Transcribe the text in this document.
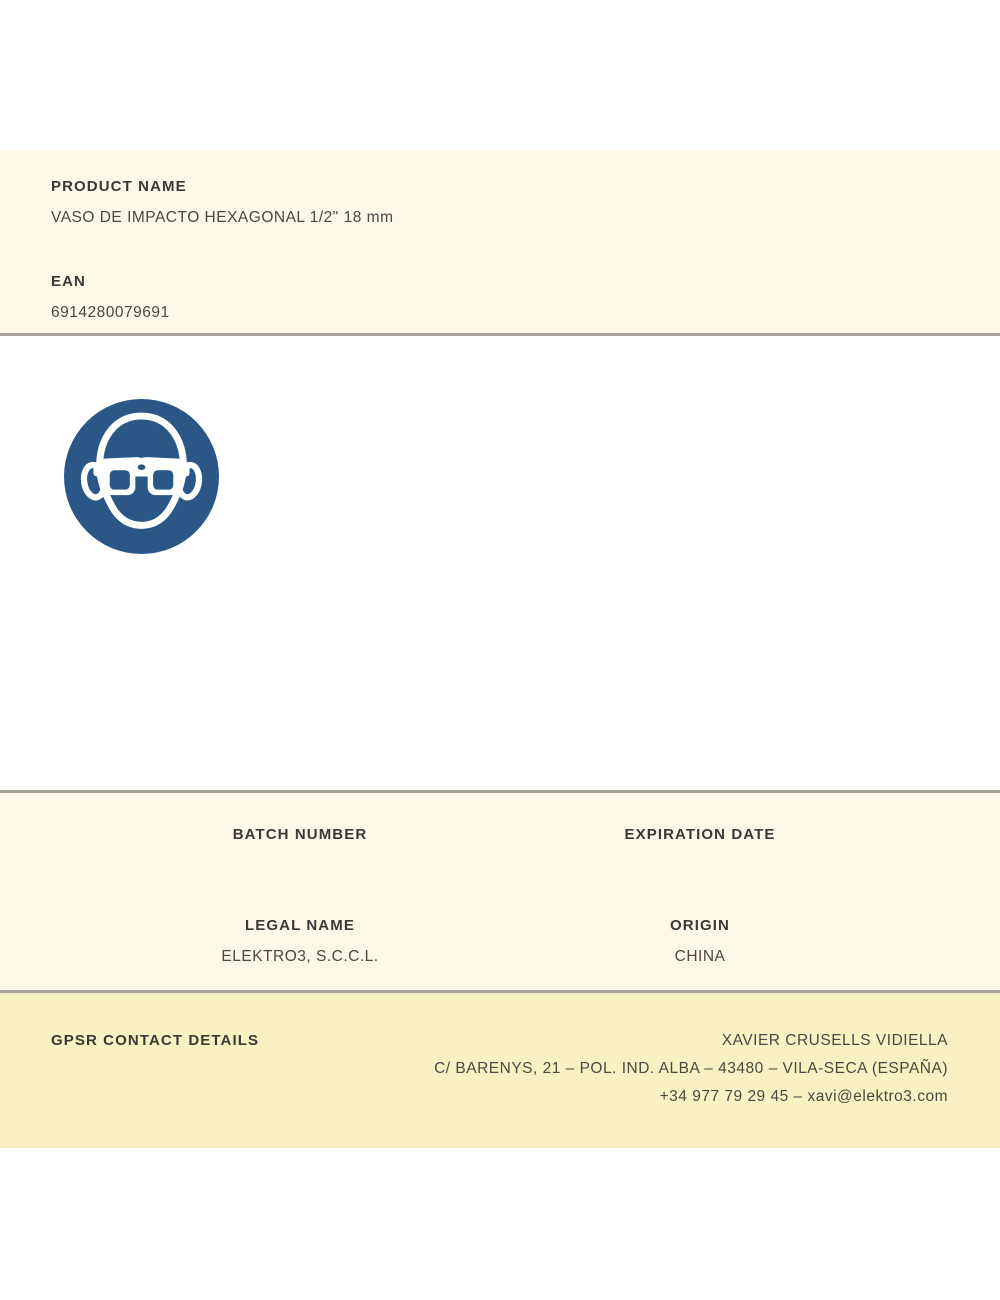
PRODUCT NAME
VASO DE IMPACTO HEXAGONAL 1/2" 18 mm
EAN
6914280079691
BATCH NUMBER	EXPIRATION DATE
LEGAL NAME
ELEKTRO3, S.C.C.L.
ORIGIN
CHINA
GPSR CONTACT DETAILS	XAVIER CRUSELLS VIDIELLA
C/ BARENYS, 21 – POL. IND. ALBA – 43480 – VILA-SECA (ESPAÑA)
+34 977 79 29 45 – xavi@elektro3.com
